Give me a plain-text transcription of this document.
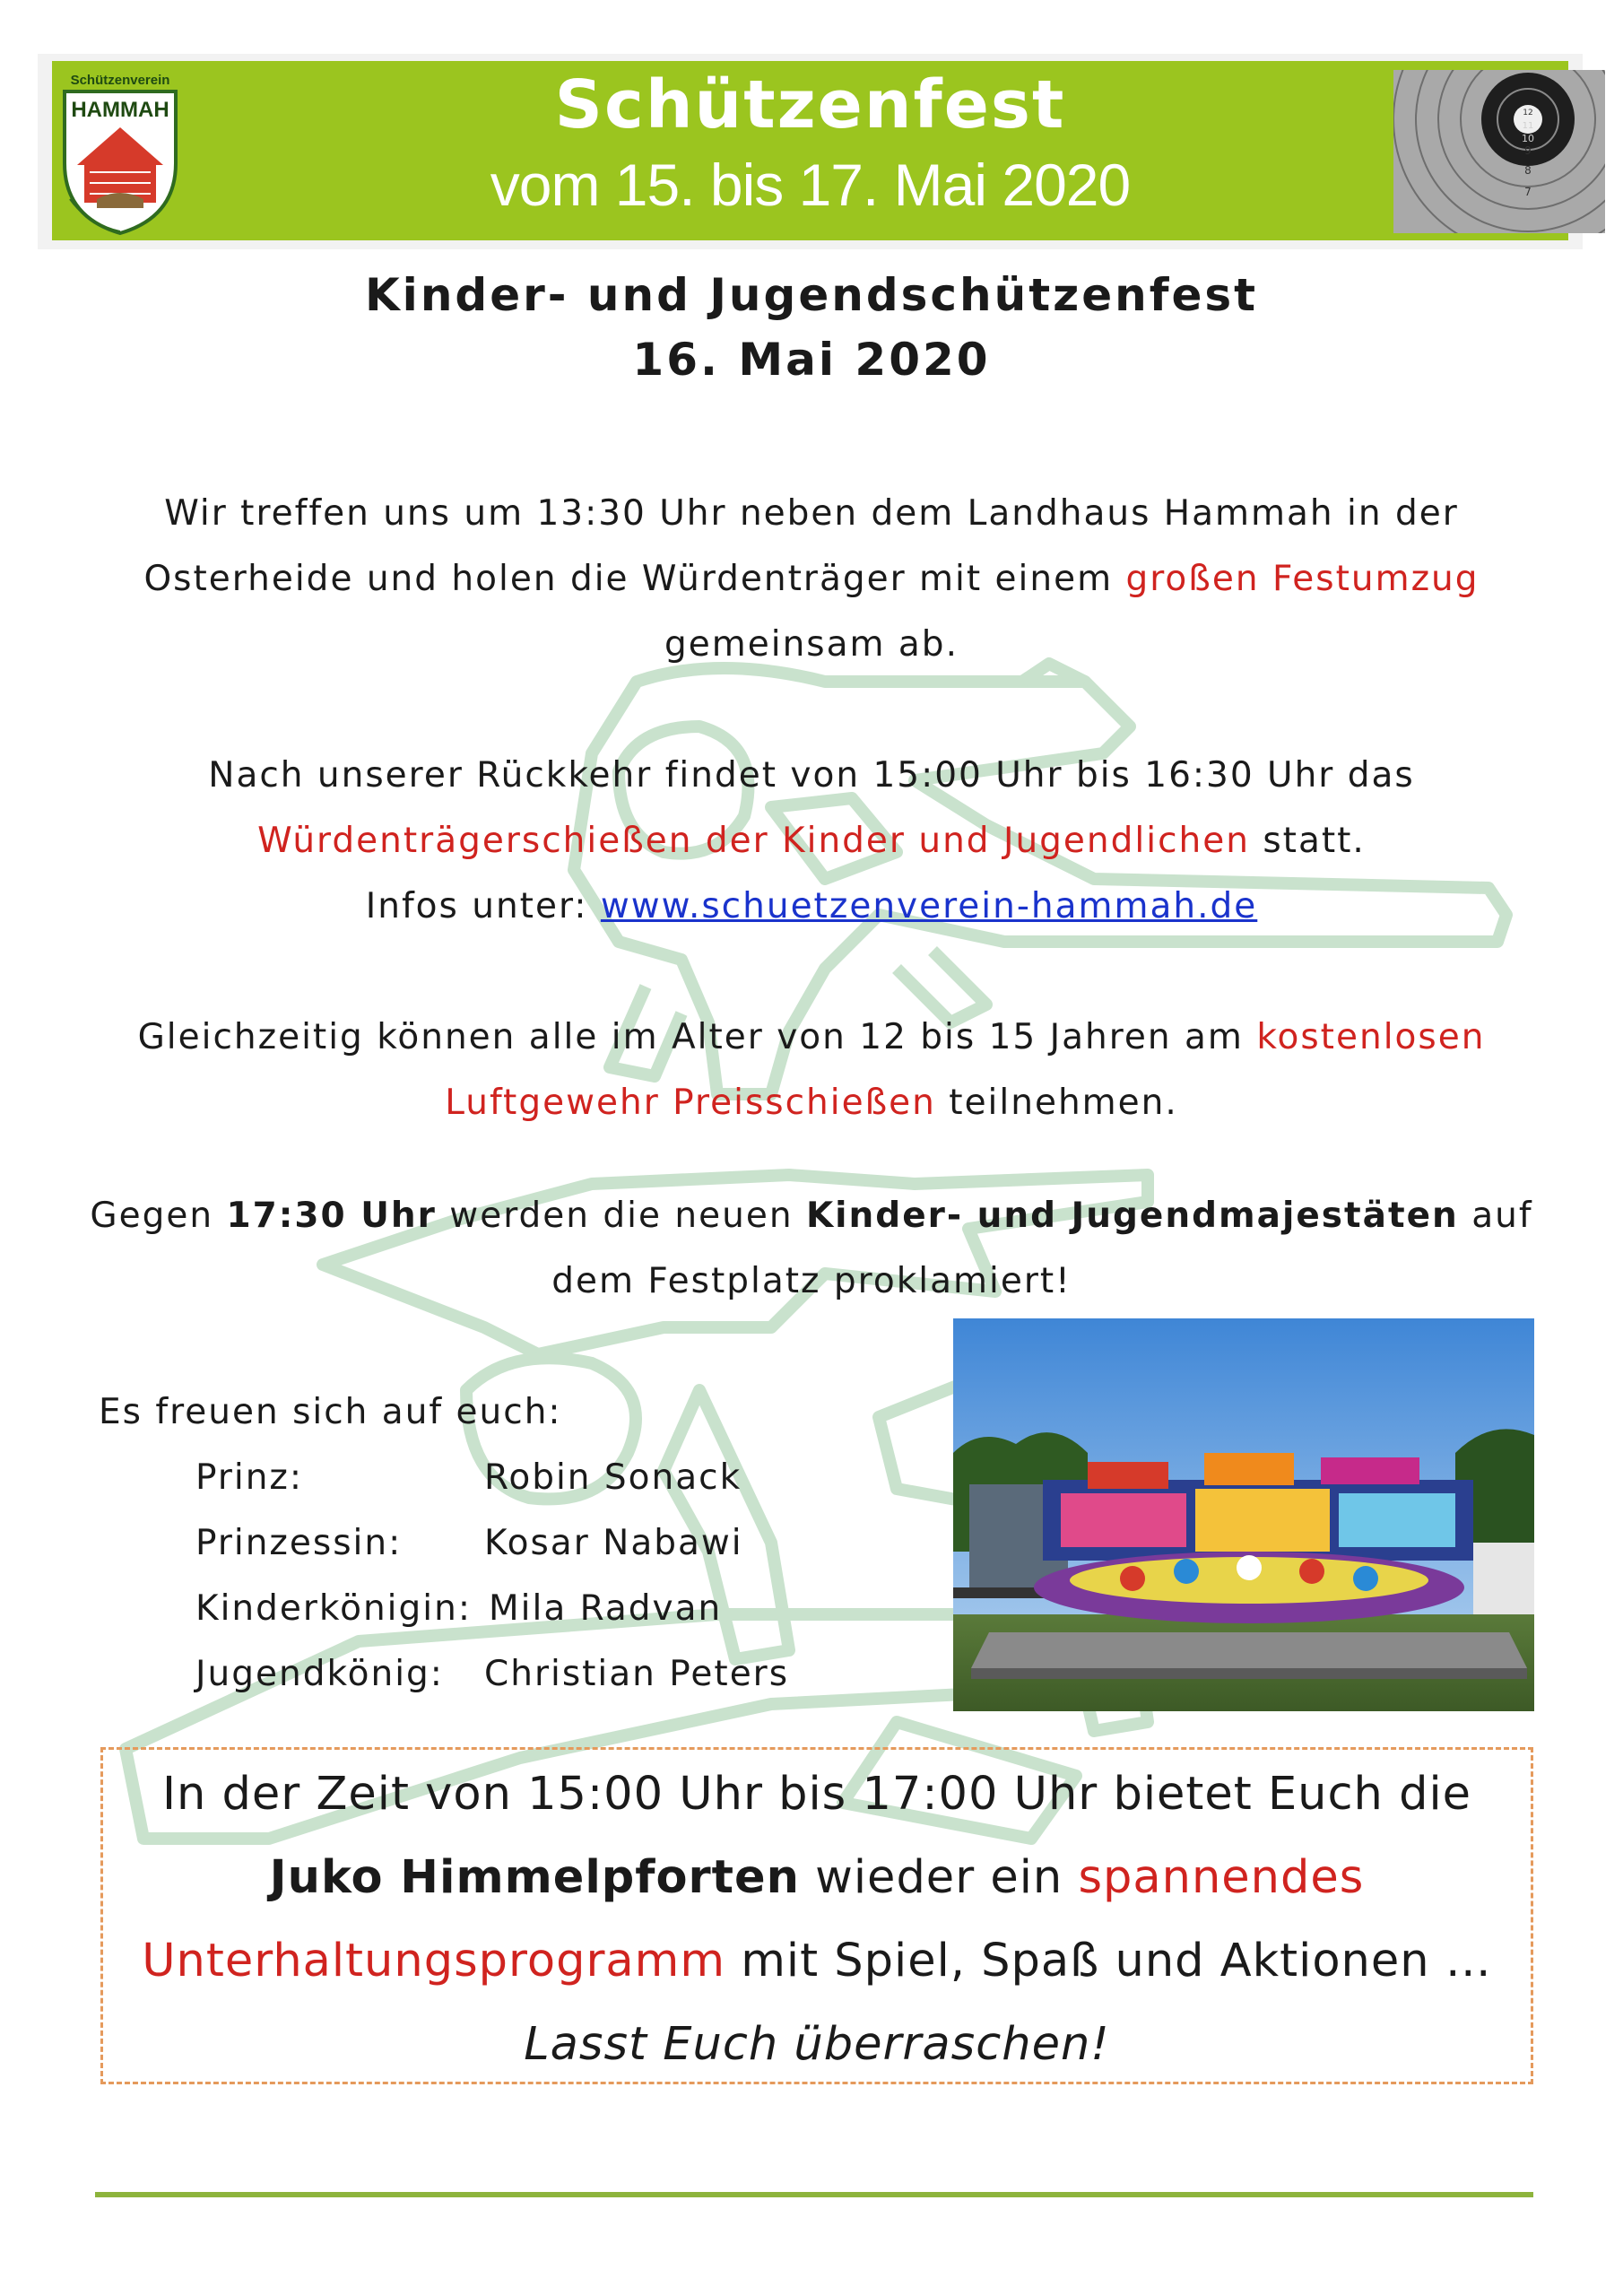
Schützenverein
HAMMAH	Schützenfest
vom 15. bis 17. Mai 2020	7
8
9
10
11
12
Kinder- und Jugendschützenfest
16. Mai 2020
Wir treffen uns um 13:30 Uhr neben dem Landhaus Hammah in der
Osterheide und holen die Würdenträger mit einem großen Festumzug
gemeinsam ab.
Nach unserer Rückkehr findet von 15:00 Uhr bis 16:30 Uhr das
Würdenträgerschießen der Kinder und Jugendlichen statt.
Infos unter: www.schuetzenverein-hammah.de
Gleichzeitig können alle im Alter von 12 bis 15 Jahren am kostenlosen
Luftgewehr Preisschießen teilnehmen.
Gegen 17:30 Uhr werden die neuen Kinder- und Jugendmajestäten auf
dem Festplatz proklamiert!
Es freuen sich auf euch:
Prinz:	Robin Sonack
Prinzessin: Kosar Nabawi
Kinderkönigin: Mila Radvan
Jugendkönig: Christian Peters
In der Zeit von 15:00 Uhr bis 17:00 Uhr bietet Euch die
Juko Himmelpforten wieder ein spannendes
Unterhaltungsprogramm mit Spiel, Spaß und Aktionen …
Lasst Euch überraschen!
